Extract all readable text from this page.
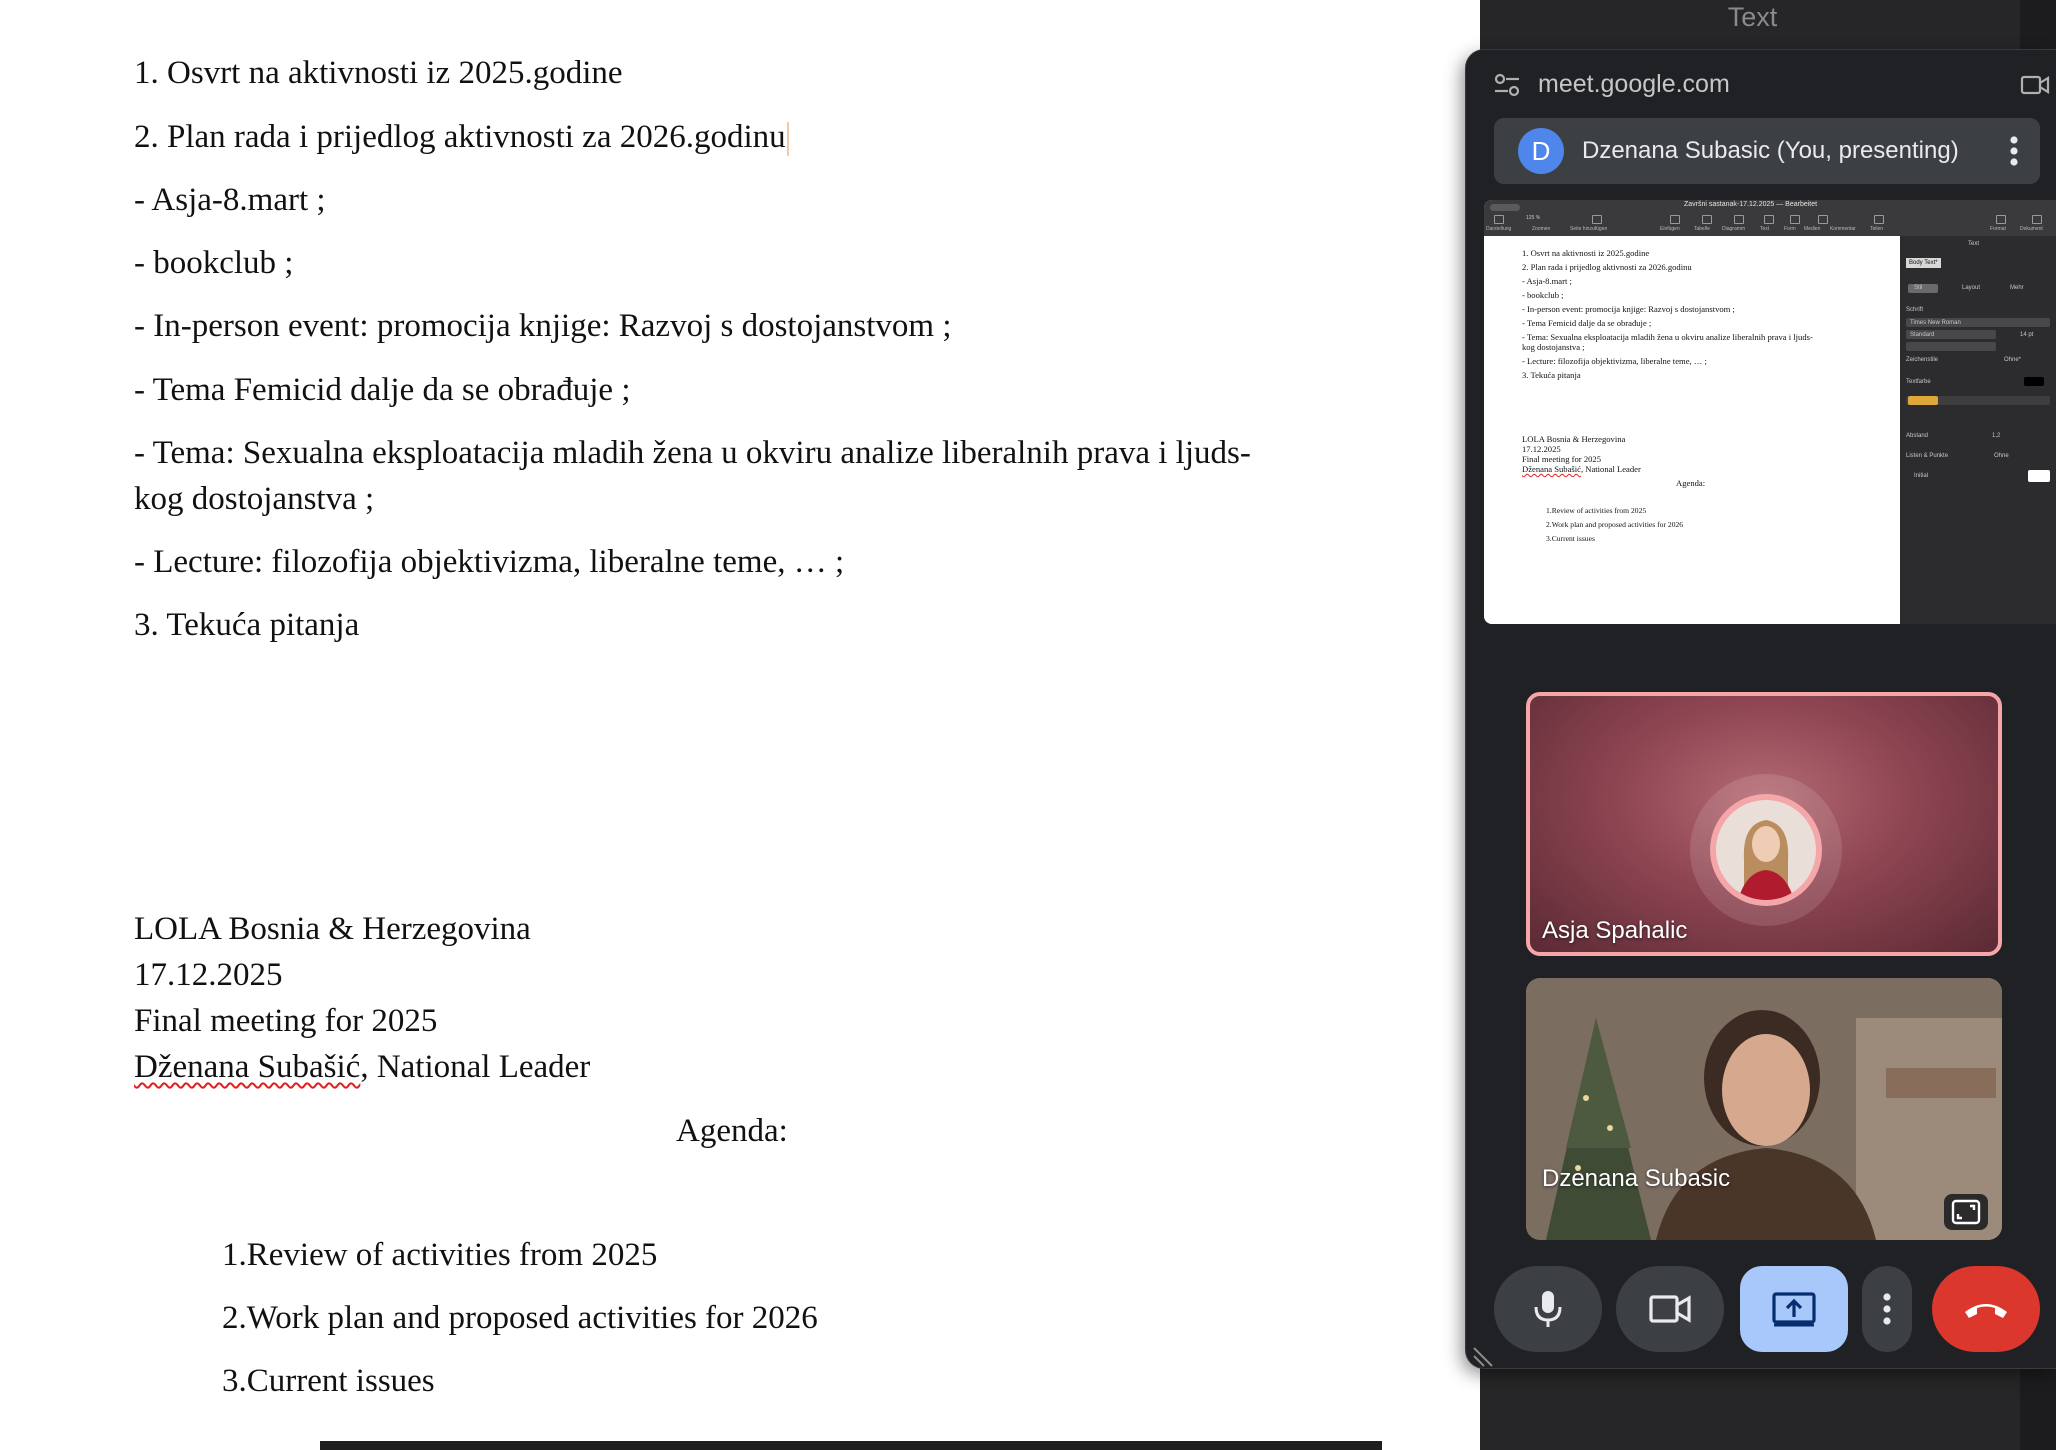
1. Osvrt na aktivnosti iz 2025.godine
2. Plan rada i prijedlog aktivnosti za 2026.godinu
- Asja-8.mart ;
- bookclub ;
- In-person event: promocija knjige: Razvoj s dostojanstvom ;
- Tema Femicid dalje da se obrađuje ;
- Tema: Sexualna eksploatacija mladih žena u okviru analize liberalnih prava i ljuds-
kog dostojanstva ;
- Lecture: filozofija objektivizma, liberalne teme, … ;
3. Tekuća pitanja
LOLA Bosnia & Herzegovina
17.12.2025
Final meeting for 2025
Dženana Subašić, National Leader
Agenda:
1.Review of activities from 2025
2.Work plan and proposed activities for 2026
3.Current issues
Text
meet.google.com
D	Dzenana Subasic (You, presenting)
Završni sastanak-17.12.2025 — Bearbeitet
125 %
Darstellung	Zoomen	Seite hinzufügen	Einfügen	Tabelle Diagramm	Text	Form Medien Kommentar	Teilen	Format	Dokument
1. Osvrt na aktivnosti iz 2025.godine
2. Plan rada i prijedlog aktivnosti za 2026.godinu
- Asja-8.mart ;
- bookclub ;
- In-person event: promocija knjige: Razvoj s dostojanstvom ;
- Tema Femicid dalje da se obrađuje ;
- Tema: Sexualna eksploatacija mladih žena u okviru analize liberalnih prava i ljuds-
kog dostojanstva ;
- Lecture: filozofija objektivizma, liberalne teme, … ;
3. Tekuća pitanja
LOLA Bosnia & Herzegovina
17.12.2025
Final meeting for 2025
Dženana Subašić, National Leader
Agenda:
1.Review of activities from 2025
2.Work plan and proposed activities for 2026
3.Current issues
Text
Body Text*
Stil	Layout	Mehr
Schrift
Times New Roman
Standard	14 pt
Zeichenstile	Ohne*
Textfarbe
Abstand	1,2
Listen & Punkte	Ohne
Initial
Asja Spahalic
Dzenana Subasic
